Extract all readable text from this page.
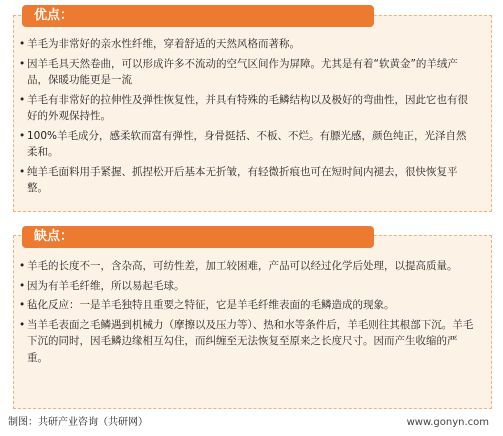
• 羊毛为非常好的亲水性纤维，穿着舒适的天然风格而著称。
• 因羊毛具天然卷曲，可以形成许多不流动的空气区间作为屏障。尤其是有着“软黄金”的羊绒产品，保暖功能更是一流
• 羊毛有非常好的拉伸性及弹性恢复性，并具有特殊的毛鳞结构以及极好的弯曲性，因此它也有很好的外观保持性。
• 100%羊毛成分，感柔软而富有弹性，身骨挺括、不板、不烂。有膘光感，颜色纯正，光泽自然柔和。
• 纯羊毛面料用手紧握、抓捏松开后基本无折皱，有轻微折痕也可在短时间内褪去，很快恢复平整。
优点：
• 羊毛的长度不一，含杂高，可纺性差，加工较困难，产品可以经过化学后处理，以提高质量。
• 因为有羊毛纤维，所以易起毛球。
• 毡化反应：一是羊毛独特且重要之特征，它是羊毛纤维表面的毛鳞造成的现象。
• 当羊毛表面之毛鳞遇到机械力（摩擦以及压力等）、热和水等条件后，羊毛则往其根部下沉。羊毛下沉的同时，因毛鳞边缘相互勾住，而纠缠至无法恢复至原来之长度尺寸。因而产生收缩的严重。
缺点：
制图：共研产业咨询（共研网）	www.gonyn.com
